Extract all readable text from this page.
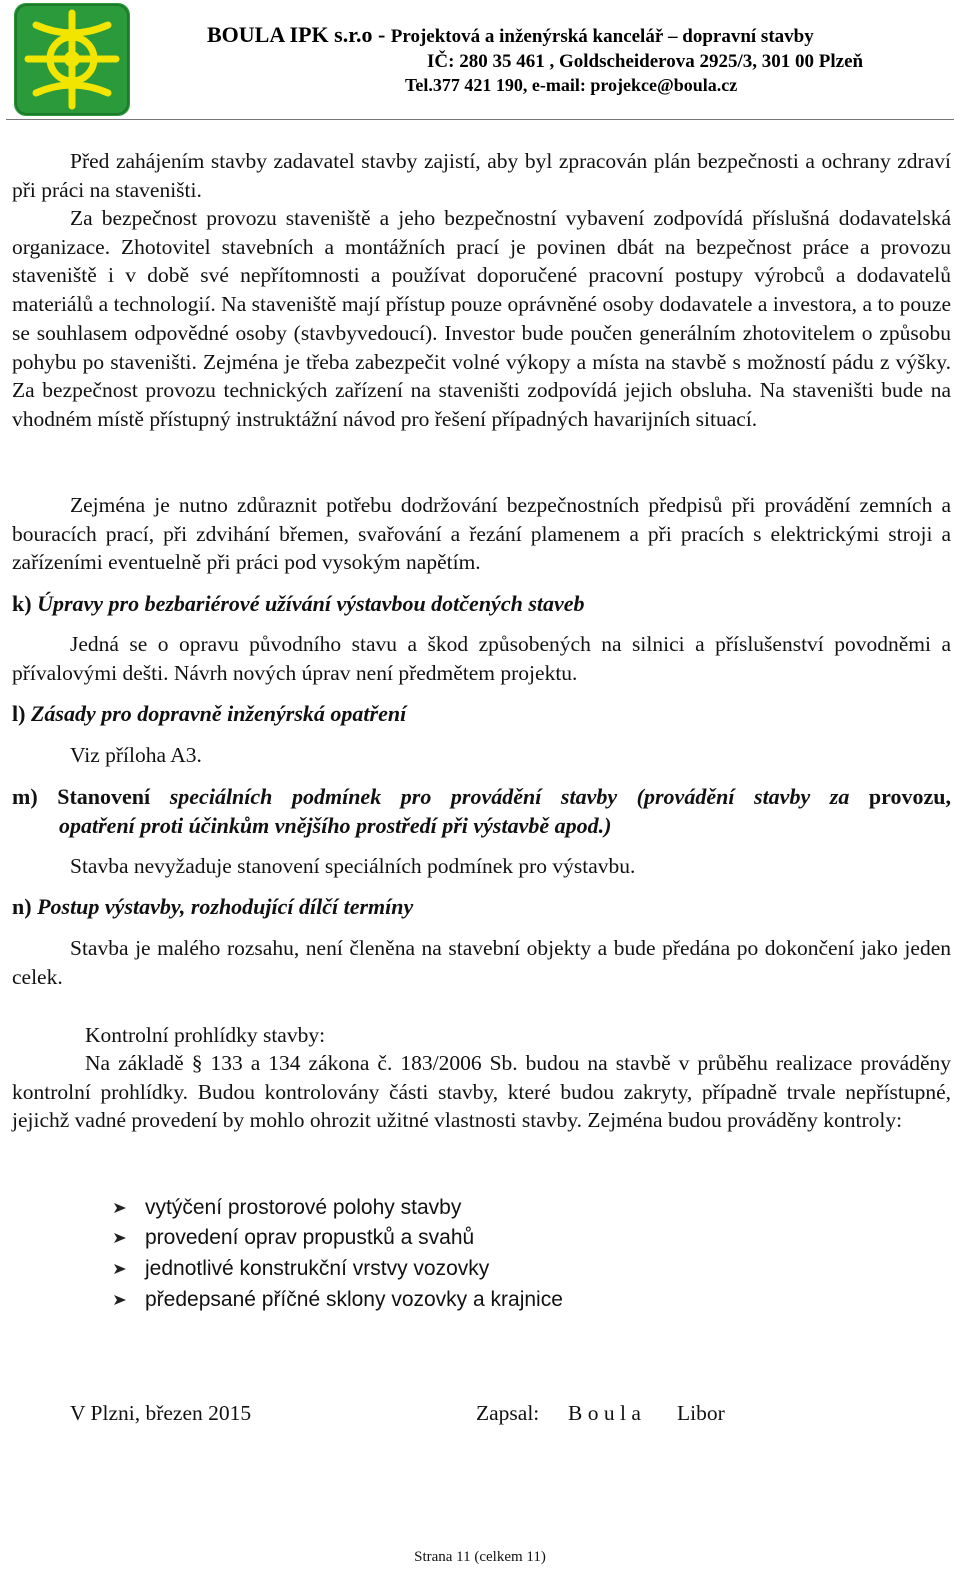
BOULA IPK s.r.o - Projektová a inženýrská kancelář – dopravní stavby
IČ: 280 35 461 , Goldscheiderova 2925/3, 301 00 Plzeň
Tel.377 421 190, e-mail: projekce@boula.cz
Před zahájením stavby zadavatel stavby zajistí, aby byl zpracován plán bezpečnosti a ochrany zdraví při práci na staveništi.
Za bezpečnost provozu staveniště a jeho bezpečnostní vybavení zodpovídá příslušná dodavatelská organizace. Zhotovitel stavebních a montážních prací je povinen dbát na bezpečnost práce a provozu staveniště i v době své nepřítomnosti a používat doporučené pracovní postupy výrobců a dodavatelů materiálů a technologií. Na staveniště mají přístup pouze oprávněné osoby dodavatele a investora, a to pouze se souhlasem odpovědné osoby (stavbyvedoucí). Investor bude poučen generálním zhotovitelem o způsobu pohybu po staveništi. Zejména je třeba zabezpečit volné výkopy a místa na stavbě s možností pádu z výšky. Za bezpečnost provozu technických zařízení na staveništi zodpovídá jejich obsluha. Na staveništi bude na vhodném místě přístupný instruktážní návod pro řešení případných havarijních situací.
Zejména je nutno zdůraznit potřebu dodržování bezpečnostních předpisů při provádění zemních a bouracích prací, při zdvihání břemen, svařování a řezání plamenem a při pracích s elektrickými stroji a zařízeními eventuelně při práci pod vysokým napětím.
k) Úpravy pro bezbariérové užívání výstavbou dotčených staveb
Jedná se o opravu původního stavu a škod způsobených na silnici a příslušenství povodněmi a přívalovými dešti. Návrh nových úprav není předmětem projektu.
l) Zásady pro dopravně inženýrská opatření
Viz příloha A3.
m) Stanovení speciálních podmínek pro provádění stavby (provádění stavby za provozu,
opatření proti účinkům vnějšího prostředí při výstavbě apod.)
Stavba nevyžaduje stanovení speciálních podmínek pro výstavbu.
n) Postup výstavby, rozhodující dílčí termíny
Stavba je malého rozsahu, není členěna na stavební objekty a bude předána po dokončení jako jeden celek.
Kontrolní prohlídky stavby:
Na základě § 133 a 134 zákona č. 183/2006 Sb. budou na stavbě v průběhu realizace prováděny kontrolní prohlídky. Budou kontrolovány části stavby, které budou zakryty, případně trvale nepřístupné, jejichž vadné provedení by mohlo ohrozit užitné vlastnosti stavby. Zejména budou prováděny kontroly:
vytýčení prostorové polohy stavby
provedení oprav propustků a svahů
jednotlivé konstrukční vrstvy vozovky
předepsané příčné sklony vozovky a krajnice
V Plzni, březen 2015	Zapsal: B o u l a Libor
Strana 11 (celkem 11)
